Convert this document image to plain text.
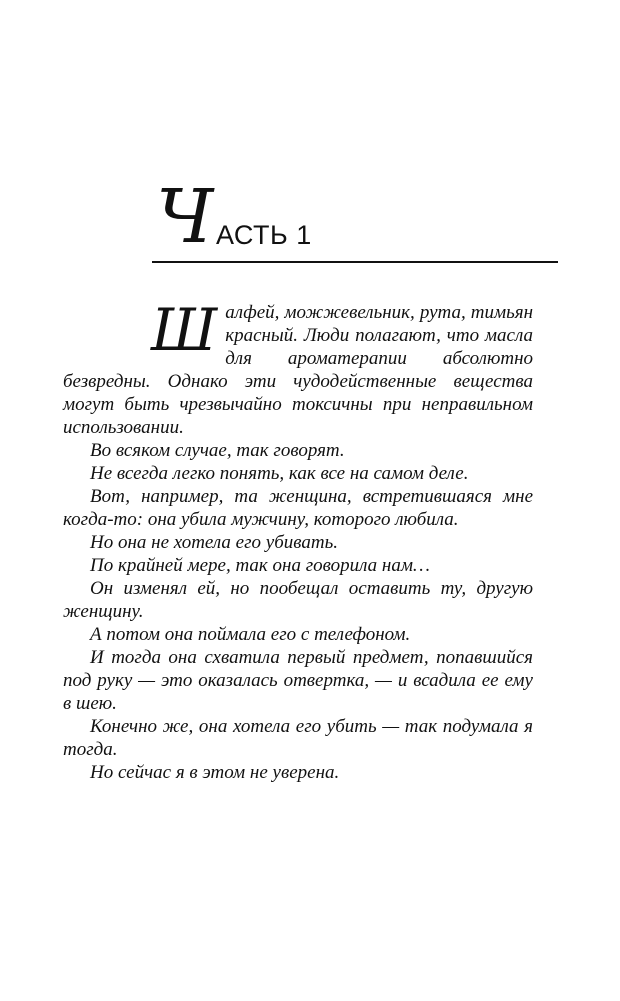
Ч АСТЬ 1

Шалфей, можжевельник, рута, тимьян красный. Люди полагают, что масла для ароматерапии абсолютно безвредны. Однако эти чудодейственные вещества могут быть чрезвычайно токсичны при неправильном использовании.

Во всяком случае, так говорят.

Не всегда легко понять, как все на самом деле.

Вот, например, та женщина, встретившаяся мне когда-то: она убила мужчину, которого любила.

Но она не хотела его убивать.

По крайней мере, так она говорила нам…

Он изменял ей, но пообещал оставить ту, другую женщину.

А потом она поймала его с телефоном.

И тогда она схватила первый предмет, попавшийся под руку — это оказалась отвертка, — и всадила ее ему в шею.

Конечно же, она хотела его убить — так подумала я тогда.

Но сейчас я в этом не уверена.
